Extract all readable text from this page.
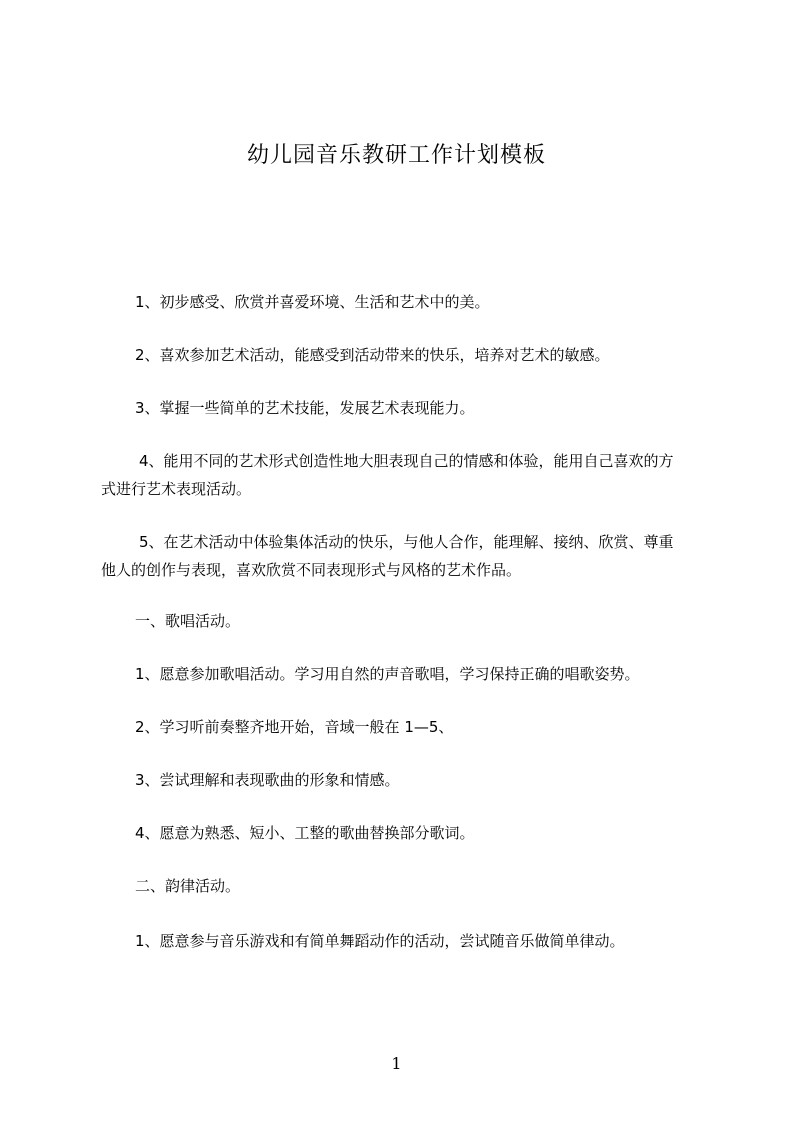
幼儿园音乐教研工作计划模板
1、初步感受、欣赏并喜爱环境、生活和艺术中的美。
2、喜欢参加艺术活动，能感受到活动带来的快乐，培养对艺术的敏感。
3、掌握一些简单的艺术技能，发展艺术表现能力。
4、能用不同的艺术形式创造性地大胆表现自己的情感和体验，能用自己喜欢的方
式进行艺术表现活动。
5、在艺术活动中体验集体活动的快乐，与他人合作，能理解、接纳、欣赏、尊重
他人的创作与表现，喜欢欣赏不同表现形式与风格的艺术作品。
一、歌唱活动。
1、愿意参加歌唱活动。学习用自然的声音歌唱，学习保持正确的唱歌姿势。
2、学习听前奏整齐地开始，音域一般在 1—5、
3、尝试理解和表现歌曲的形象和情感。
4、愿意为熟悉、短小、工整的歌曲替换部分歌词。
二、韵律活动。
1、愿意参与音乐游戏和有简单舞蹈动作的活动，尝试随音乐做简单律动。
1
